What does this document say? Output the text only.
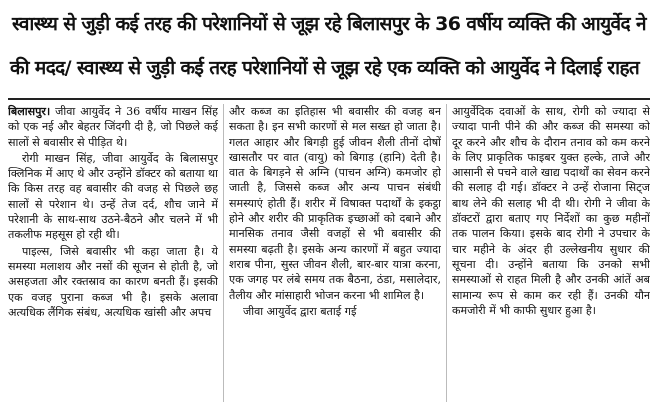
स्वास्थ्य से जुड़ी कई तरह की परेशानियों से जूझ रहे बिलासपुर के 36 वर्षीय व्यक्ति की आयुर्वेद ने
की मदद/ स्वास्थ्य से जुड़ी कई तरह परेशानियों से जूझ रहे एक व्यक्ति को आयुर्वेद ने दिलाई राहत

बिलासपुर। जीवा आयुर्वेद ने 36 वर्षीय माखन सिंह को एक नई और बेहतर जिंदगी दी है, जो पिछले कई सालों से बवासीर से पीड़ित थे।

रोगी माखन सिंह, जीवा आयुर्वेद के बिलासपुर क्लिनिक में आए थे और उन्होंने डॉक्टर को बताया था कि किस तरह वह बवासीर की वजह से पिछले छह सालों से परेशान थे। उन्हें तेज दर्द, शौच जाने में परेशानी के साथ-साथ उठने-बैठने और चलने में भी तकलीफ महसूस हो रही थी।

पाइल्स, जिसे बवासीर भी कहा जाता है। ये समस्या मलाशय और नसों की सूजन से होती है, जो असहजता और रक्तस्राव का कारण बनती हैं। इसकी एक वजह पुराना कब्ज भी है। इसके अलावा अत्यधिक लैंगिक संबंध, अत्यधिक खांसी और अपच

और कब्ज का इतिहास भी बवासीर की वजह बन सकता है। इन सभी कारणों से मल सख्त हो जाता है। गलत आहार और बिगड़ी हुई जीवन शैली तीनों दोषों खासतौर पर वात (वायु) को बिगाड़ (हानि) देती है। वात के बिगड़ने से अग्नि (पाचन अग्नि) कमजोर हो जाती है, जिससे कब्ज और अन्य पाचन संबंधी समस्याएं होती हैं। शरीर में विषाक्त पदार्थों के इकट्ठा होने और शरीर की प्राकृतिक इच्छाओं को दबाने और मानसिक तनाव जैसी वजहों से भी बवासीर की समस्या बढ़ती है। इसके अन्य कारणों में बहुत ज्यादा शराब पीना, सुस्त जीवन शैली, बार-बार यात्रा करना, एक जगह पर लंबे समय तक बैठना, ठंडा, मसालेदार, तैलीय और मांसाहारी भोजन करना भी शामिल है।

जीवा आयुर्वेद द्वारा बताई गई

आयुर्वेदिक दवाओं के साथ, रोगी को ज्यादा से ज्यादा पानी पीने की और कब्ज की समस्या को दूर करने और शौच के दौरान तनाव को कम करने के लिए प्राकृतिक फाइबर युक्त हल्के, ताजे और आसानी से पचने वाले खाद्य पदार्थों का सेवन करने की सलाह दी गई। डॉक्टर ने उन्हें रोजाना सिट्ज बाथ लेने की सलाह भी दी थी। रोगी ने जीवा के डॉक्टरों द्वारा बताए गए निर्देशों का कुछ महीनों तक पालन किया। इसके बाद रोगी ने उपचार के चार महीने के अंदर ही उल्लेखनीय सुधार की सूचना दी। उन्होंने बताया कि उनको सभी समस्याओं से राहत मिली है और उनकी आंतें अब सामान्य रूप से काम कर रही हैं। उनकी यौन कमजोरी में भी काफी सुधार हुआ है।
